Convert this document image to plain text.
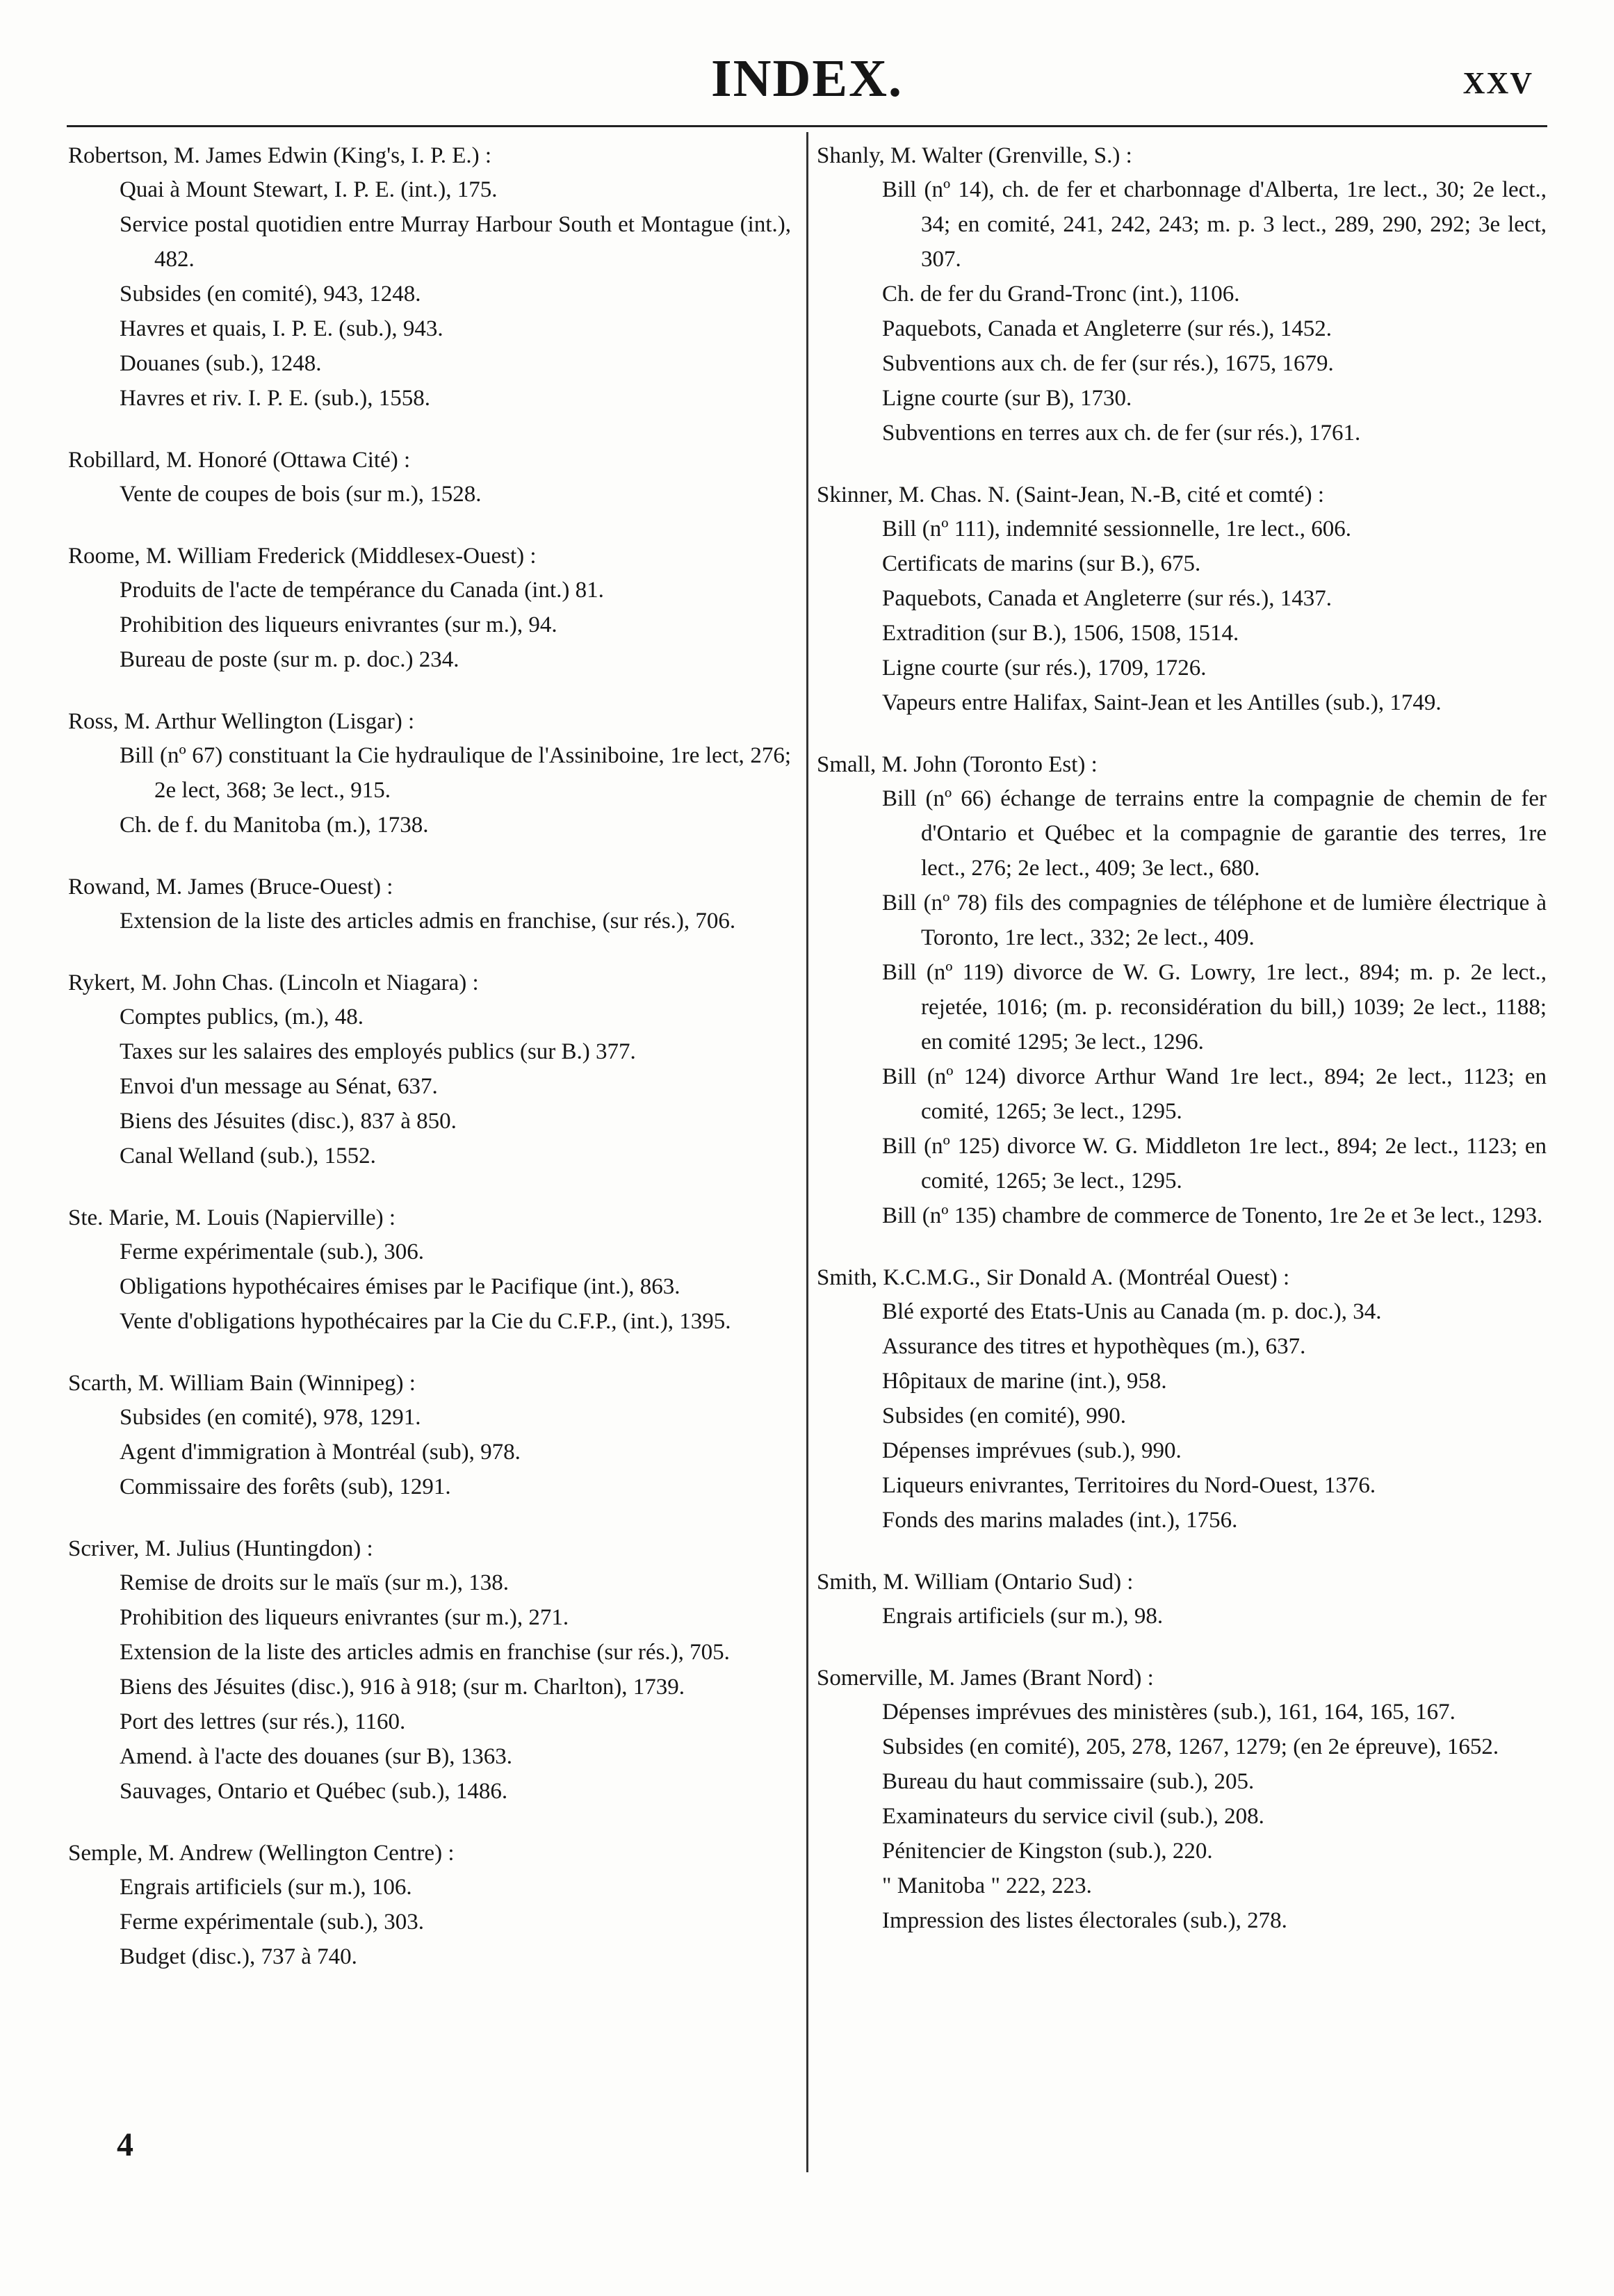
INDEX.	XXV
Robertson, M. James Edwin (King's, I. P. E.) :
Quai à Mount Stewart, I. P. E. (int.), 175.
Service postal quotidien entre Murray Harbour South et Montague (int.), 482.
Subsides (en comité), 943, 1248.
Havres et quais, I. P. E. (sub.), 943.
Douanes (sub.), 1248.
Havres et riv. I. P. E. (sub.), 1558.
Robillard, M. Honoré (Ottawa Cité) :
Vente de coupes de bois (sur m.), 1528.
Roome, M. William Frederick (Middlesex-Ouest) :
Produits de l'acte de tempérance du Canada (int.) 81.
Prohibition des liqueurs enivrantes (sur m.), 94.
Bureau de poste (sur m. p. doc.) 234.
Ross, M. Arthur Wellington (Lisgar) :
Bill (nº 67) constituant la Cie hydraulique de l'Assiniboine, 1re lect, 276; 2e lect, 368; 3e lect., 915.
Ch. de f. du Manitoba (m.), 1738.
Rowand, M. James (Bruce-Ouest) :
Extension de la liste des articles admis en franchise, (sur rés.), 706.
Rykert, M. John Chas. (Lincoln et Niagara) :
Comptes publics, (m.), 48.
Taxes sur les salaires des employés publics (sur B.) 377.
Envoi d'un message au Sénat, 637.
Biens des Jésuites (disc.), 837 à 850.
Canal Welland (sub.), 1552.
Ste. Marie, M. Louis (Napierville) :
Ferme expérimentale (sub.), 306.
Obligations hypothécaires émises par le Pacifique (int.), 863.
Vente d'obligations hypothécaires par la Cie du C.F.P., (int.), 1395.
Scarth, M. William Bain (Winnipeg) :
Subsides (en comité), 978, 1291.
Agent d'immigration à Montréal (sub), 978.
Commissaire des forêts (sub), 1291.
Scriver, M. Julius (Huntingdon) :
Remise de droits sur le maïs (sur m.), 138.
Prohibition des liqueurs enivrantes (sur m.), 271.
Extension de la liste des articles admis en franchise (sur rés.), 705.
Biens des Jésuites (disc.), 916 à 918; (sur m. Charlton), 1739.
Port des lettres (sur rés.), 1160.
Amend. à l'acte des douanes (sur B), 1363.
Sauvages, Ontario et Québec (sub.), 1486.
Semple, M. Andrew (Wellington Centre) :
Engrais artificiels (sur m.), 106.
Ferme expérimentale (sub.), 303.
Budget (disc.), 737 à 740.
Shanly, M. Walter (Grenville, S.) :
Bill (nº 14), ch. de fer et charbonnage d'Alberta, 1re lect., 30; 2e lect., 34; en comité, 241, 242, 243; m. p. 3 lect., 289, 290, 292; 3e lect, 307.
Ch. de fer du Grand-Tronc (int.), 1106.
Paquebots, Canada et Angleterre (sur rés.), 1452.
Subventions aux ch. de fer (sur rés.), 1675, 1679.
Ligne courte (sur B), 1730.
Subventions en terres aux ch. de fer (sur rés.), 1761.
Skinner, M. Chas. N. (Saint-Jean, N.-B, cité et comté) :
Bill (nº 111), indemnité sessionnelle, 1re lect., 606.
Certificats de marins (sur B.), 675.
Paquebots, Canada et Angleterre (sur rés.), 1437.
Extradition (sur B.), 1506, 1508, 1514.
Ligne courte (sur rés.), 1709, 1726.
Vapeurs entre Halifax, Saint-Jean et les Antilles (sub.), 1749.
Small, M. John (Toronto Est) :
Bill (nº 66) échange de terrains entre la compagnie de chemin de fer d'Ontario et Québec et la compagnie de garantie des terres, 1re lect., 276; 2e lect., 409; 3e lect., 680.
Bill (nº 78) fils des compagnies de téléphone et de lumière électrique à Toronto, 1re lect., 332; 2e lect., 409.
Bill (nº 119) divorce de W. G. Lowry, 1re lect., 894; m. p. 2e lect., rejetée, 1016; (m. p. reconsidération du bill,) 1039; 2e lect., 1188; en comité 1295; 3e lect., 1296.
Bill (nº 124) divorce Arthur Wand 1re lect., 894; 2e lect., 1123; en comité, 1265; 3e lect., 1295.
Bill (nº 125) divorce W. G. Middleton 1re lect., 894; 2e lect., 1123; en comité, 1265; 3e lect., 1295.
Bill (nº 135) chambre de commerce de Tonento, 1re 2e et 3e lect., 1293.
Smith, K.C.M.G., Sir Donald A. (Montréal Ouest) :
Blé exporté des Etats-Unis au Canada (m. p. doc.), 34.
Assurance des titres et hypothèques (m.), 637.
Hôpitaux de marine (int.), 958.
Subsides (en comité), 990.
Dépenses imprévues (sub.), 990.
Liqueurs enivrantes, Territoires du Nord-Ouest, 1376.
Fonds des marins malades (int.), 1756.
Smith, M. William (Ontario Sud) :
Engrais artificiels (sur m.), 98.
Somerville, M. James (Brant Nord) :
Dépenses imprévues des ministères (sub.), 161, 164, 165, 167.
Subsides (en comité), 205, 278, 1267, 1279; (en 2e épreuve), 1652.
Bureau du haut commissaire (sub.), 205.
Examinateurs du service civil (sub.), 208.
Pénitencier de Kingston (sub.), 220.
" Manitoba " 222, 223.
Impression des listes électorales (sub.), 278.
4
